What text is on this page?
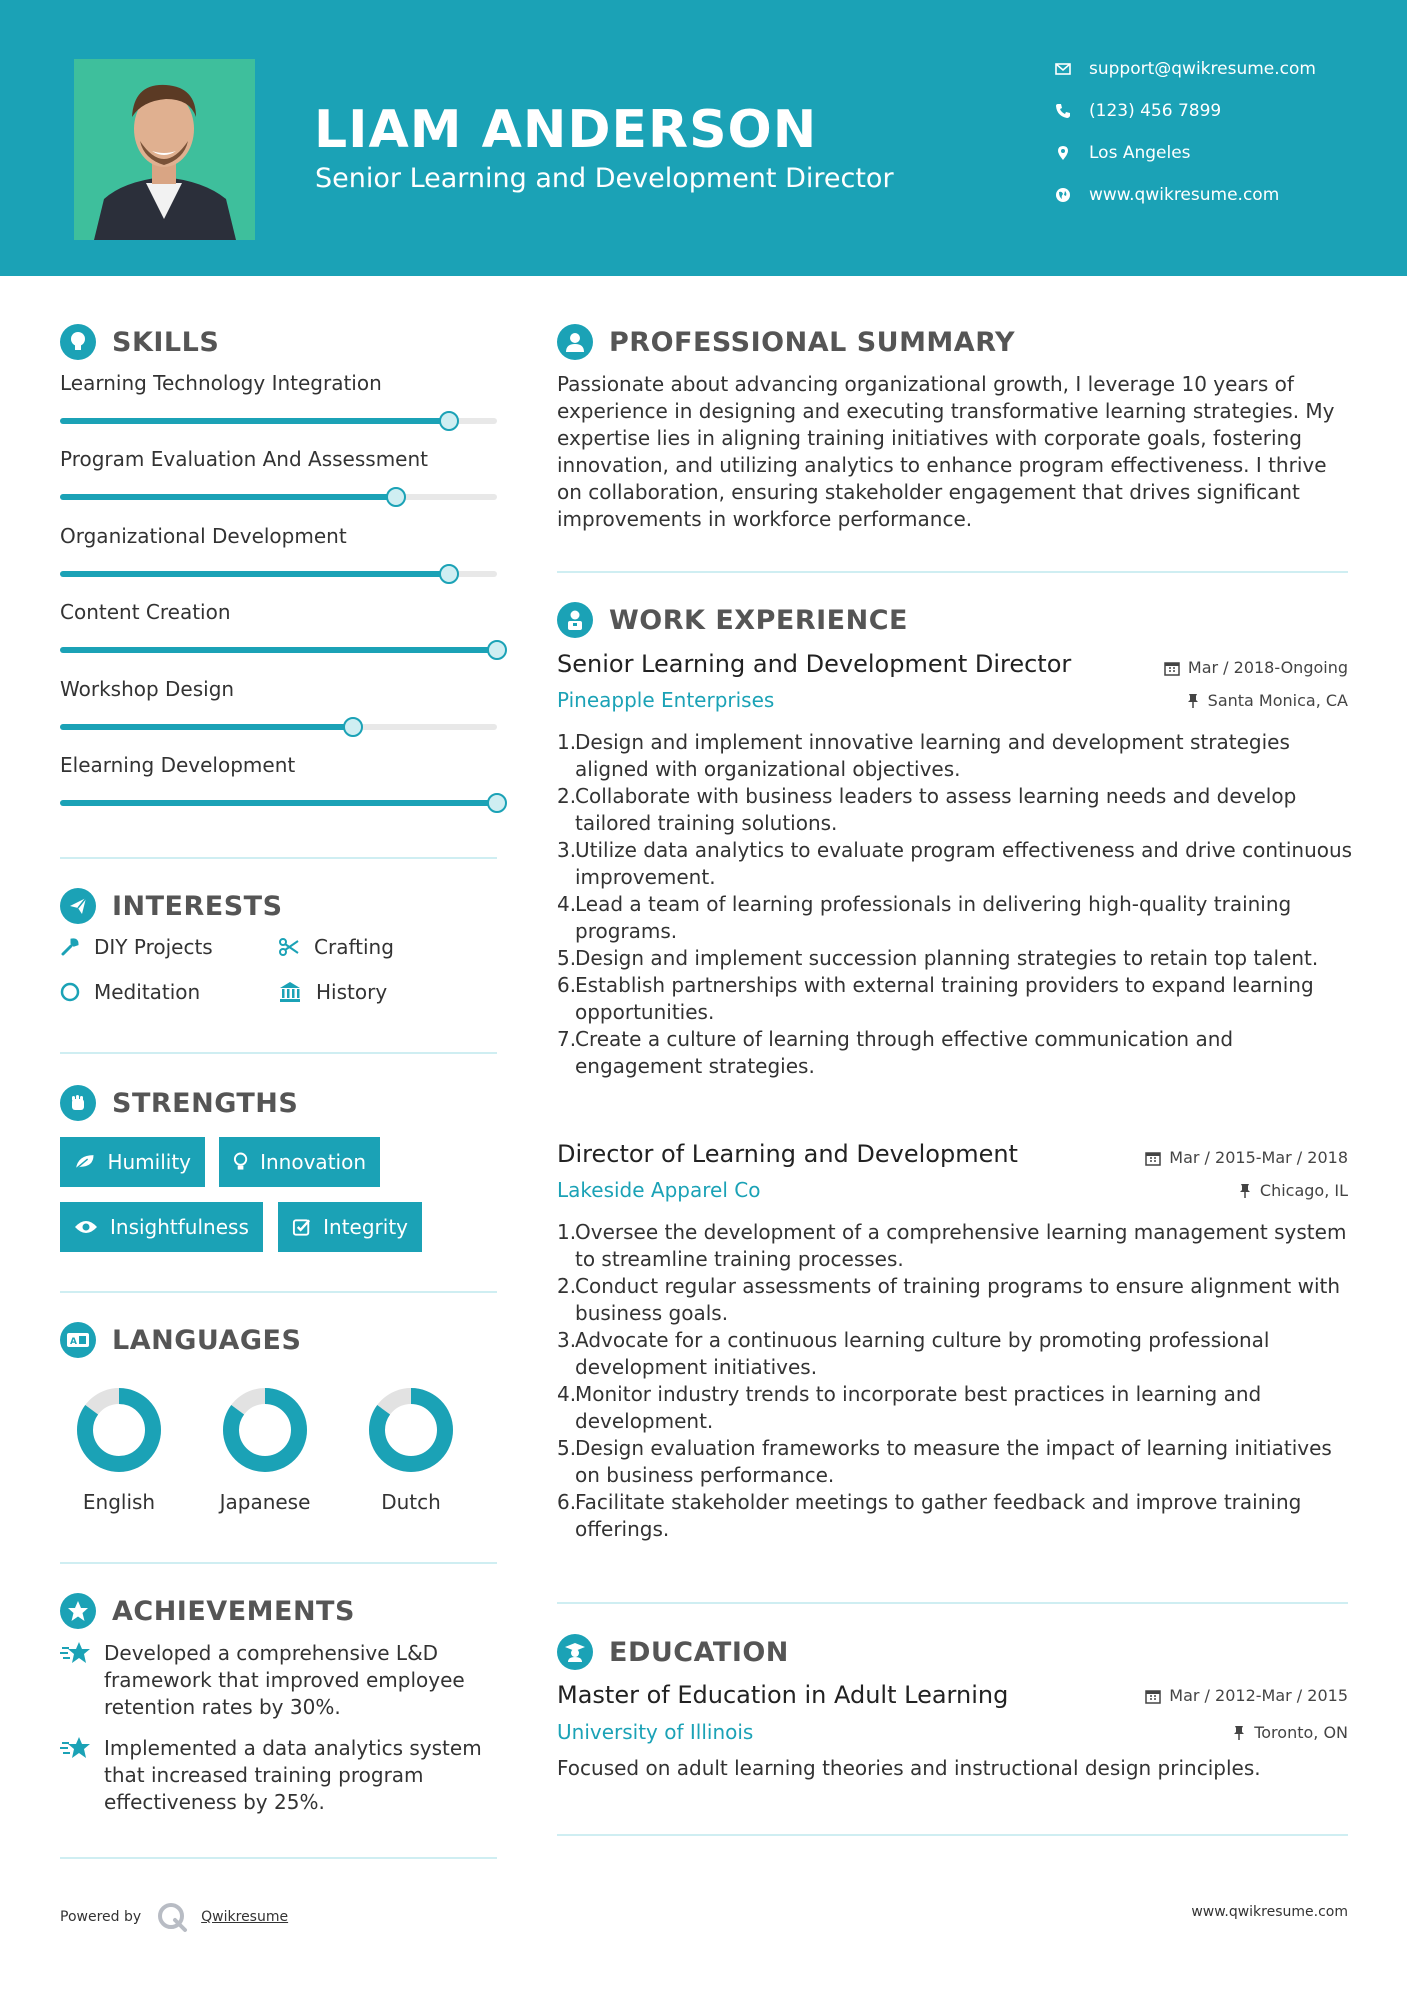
LIAM ANDERSON
Senior Learning and Development Director
support@qwikresume.com
(123) 456 7899
Los Angeles
www.qwikresume.com
SKILLS
Learning Technology Integration
Program Evaluation And Assessment
Organizational Development
Content Creation
Workshop Design
Elearning Development
INTERESTS
DIY Projects	Crafting
Meditation	History
STRENGTHS
Humility	Innovation
Insightfulness	Integrity
A LANGUAGES
English	Japanese	Dutch
ACHIEVEMENTS
Developed a comprehensive L&D framework that improved employee retention rates by 30%.
Implemented a data analytics system that increased training program effectiveness by 25%.
PROFESSIONAL SUMMARY
Passionate about advancing organizational growth, I leverage 10 years of experience in designing and executing transformative learning strategies. My expertise lies in aligning training initiatives with corporate goals, fostering innovation, and utilizing analytics to enhance program effectiveness. I thrive on collaboration, ensuring stakeholder engagement that drives significant improvements in workforce performance.
WORK EXPERIENCE
Senior Learning and Development Director	Mar / 2018-Ongoing
Pineapple Enterprises	Santa Monica, CA
1.
Design and implement innovative learning and development strategies aligned with organizational objectives.
2.
Collaborate with business leaders to assess learning needs and develop tailored training solutions.
3.
Utilize data analytics to evaluate program effectiveness and drive continuous improvement.
4.
Lead a team of learning professionals in delivering high-quality training programs.
5.
Design and implement succession planning strategies to retain top talent.
6.
Establish partnerships with external training providers to expand learning opportunities.
7.
Create a culture of learning through effective communication and engagement strategies.
Director of Learning and Development	Mar / 2015-Mar / 2018
Lakeside Apparel Co	Chicago, IL
1.
Oversee the development of a comprehensive learning management system to streamline training processes.
2.
Conduct regular assessments of training programs to ensure alignment with business goals.
3.
Advocate for a continuous learning culture by promoting professional development initiatives.
4.
Monitor industry trends to incorporate best practices in learning and development.
5.
Design evaluation frameworks to measure the impact of learning initiatives on business performance.
6.
Facilitate stakeholder meetings to gather feedback and improve training offerings.
EDUCATION
Master of Education in Adult Learning	Mar / 2012-Mar / 2015
University of Illinois	Toronto, ON
Focused on adult learning theories and instructional design principles.
Powered by	Qwikresume	www.qwikresume.com
